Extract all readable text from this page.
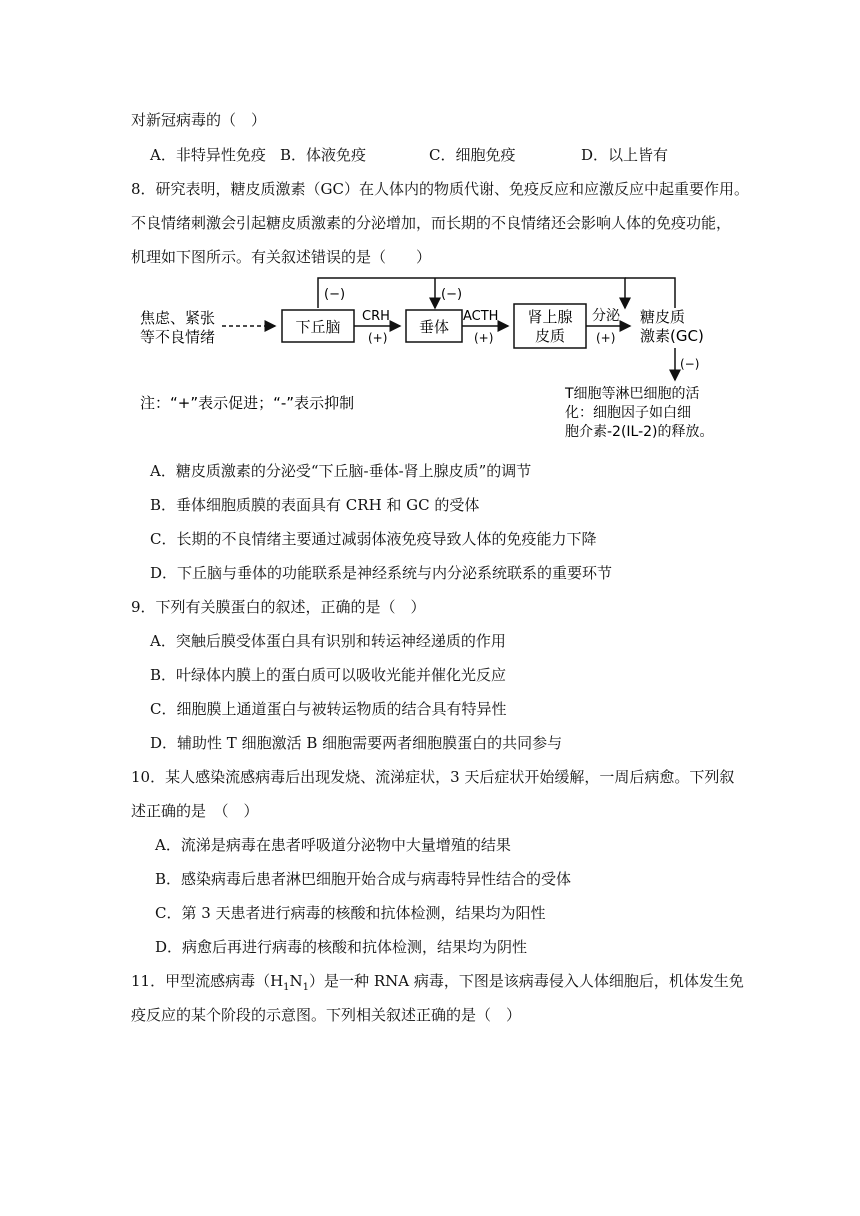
对新冠病毒的（　）
A．非特异性免疫 B．体液免疫	C．细胞免疫	D．以上皆有
8．研究表明，糖皮质激素（GC）在人体内的物质代谢、免疫反应和应激反应中起重要作用。
不良情绪刺激会引起糖皮质激素的分泌增加，而长期的不良情绪还会影响人体的免疫功能，
机理如下图所示。有关叙述错误的是（　　）
(−)	(−)
焦虑、紧张
等不良情绪
下丘脑
CRH
(+)
垂体
ACTH
(+)
肾上腺
皮质
分泌
(+)
糖皮质
激素(GC)
(−)
T细胞等淋巴细胞的活
化：细胞因子如白细
胞介素-2(IL-2)的释放。
注：“+”表示促进；“-”表示抑制
A．糖皮质激素的分泌受“下丘脑-垂体-肾上腺皮质”的调节
B．垂体细胞质膜的表面具有 CRH 和 GC 的受体
C．长期的不良情绪主要通过减弱体液免疫导致人体的免疫能力下降
D．下丘脑与垂体的功能联系是神经系统与内分泌系统联系的重要环节
9．下列有关膜蛋白的叙述，正确的是（　）
A．突触后膜受体蛋白具有识别和转运神经递质的作用
B．叶绿体内膜上的蛋白质可以吸收光能并催化光反应
C．细胞膜上通道蛋白与被转运物质的结合具有特异性
D．辅助性 T 细胞激活 B 细胞需要两者细胞膜蛋白的共同参与
10．某人感染流感病毒后出现发烧、流涕症状，3 天后症状开始缓解，一周后病愈。下列叙
述正确的是　（　）
A．流涕是病毒在患者呼吸道分泌物中大量增殖的结果
B．感染病毒后患者淋巴细胞开始合成与病毒特异性结合的受体
C．第 3 天患者进行病毒的核酸和抗体检测，结果均为阳性
D．病愈后再进行病毒的核酸和抗体检测，结果均为阴性
11．甲型流感病毒$(H_1N_1)$是一种 RNA 病毒，下图是该病毒侵入人体细胞后，机体发生免
疫反应的某个阶段的示意图。下列相关叙述正确的是（　）
